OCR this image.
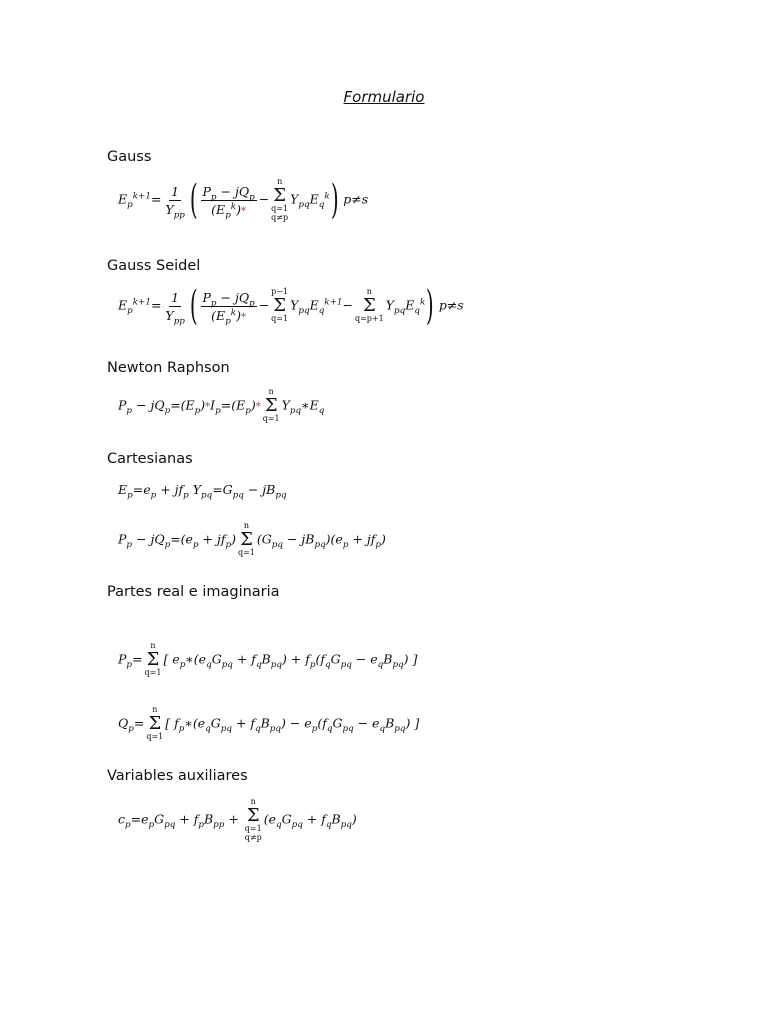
Formulario
Gauss
$E_p^{k+1}= \frac{1}{Y_{pp}}$ ( $\frac{P_p - jQ_p}{(E_p^k)*}$ −
n
Σ
q=1
q≠p
$Y_{pq}E_q^k$) p≠s
Gauss Seidel
$E_p^{k+1}= \frac{1}{Y_{pp}}$ ( $\frac{P_p - jQ_p}{(E_p^k)*}$ −
p−1
Σ
q=1
$Y_{pq}E_q^{k+1}-$
n
Σ
q=p+1
$Y_{pq}E_q^k$) p≠s
Newton Raphson
$P_p - jQ_p=(E_p)*I_p=(E_p)*$
n
Σ
q=1
$Y_{pq}∗E_q$
Cartesianas
$E_p=e_p + jf_p$ $Y_{pq}=G_{pq} - jB_{pq}$
$P_p - jQ_p=(e_p + jf_p)$
n
Σ
q=1
$(G_{pq} - jB_{pq})(e_p + jf_p)$
Partes real e imaginaria
$P_p=$
n
Σ
q=1
[ $e_p∗(e_qG_{pq} + f_qB_{pq}) + f_p(f_qG_{pq} - e_qB_{pq})$ ]
$Q_p=$
n
Σ
q=1
[ $f_p∗(e_qG_{pq} + f_qB_{pq}) - e_p(f_qG_{pq} - e_qB_{pq})$ ]
Variables auxiliares
$c_p=e_pG_{pq} + f_pB_{pp}$ +
n
Σ
q=1
q≠p
$(e_qG_{pq} + f_qB_{pq})$
